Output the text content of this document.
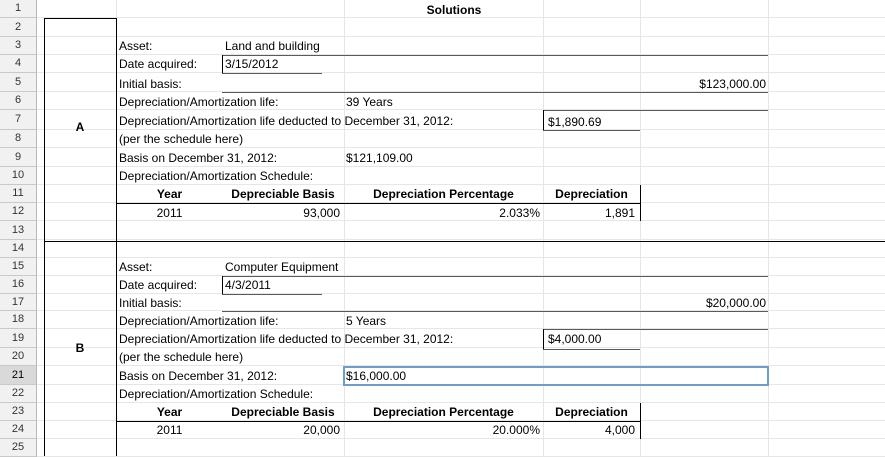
1
2
3
4
5
6
7
8
9
10
11
12
13
14
15
16
17
18
19
20
21
22
23
24
25
Solutions
A
Asset:	Land and building
Date acquired: 3/15/2012
Initial basis:	$123,000.00
Depreciation/Amortization life:	39 Years
Depreciation/Amortization life deducted to December 31, 2012:	$1,890.69
(per the schedule here)
Basis on December 31, 2012:	$121,109.00
Depreciation/Amortization Schedule:
Year	Depreciable Basis	Depreciation Percentage	Depreciation
2011	93,000	2.033%	1,891
B
Asset:	Computer Equipment
Date acquired: 4/3/2011
Initial basis:	$20,000.00
Depreciation/Amortization life:	5 Years
Depreciation/Amortization life deducted to December 31, 2012:	$4,000.00
(per the schedule here)
Basis on December 31, 2012:	$16,000.00
Depreciation/Amortization Schedule:
Year	Depreciable Basis	Depreciation Percentage	Depreciation
2011	20,000	20.000%	4,000
